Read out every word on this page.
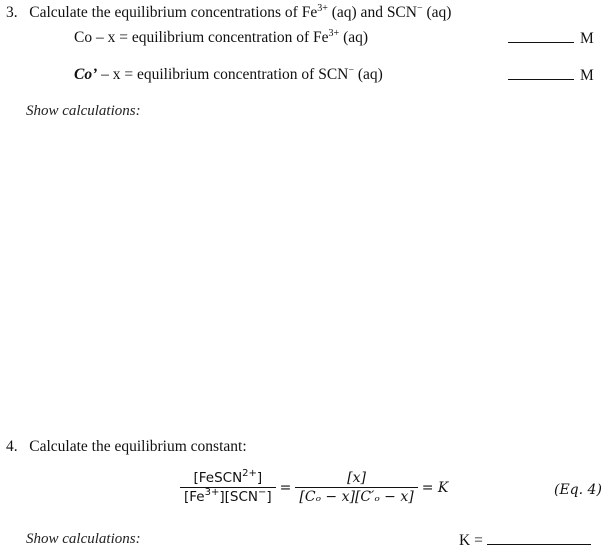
3. Calculate the equilibrium concentrations of $Fe^{3+}$ (aq) and SCN− (aq)
Co – x = equilibrium concentration of $Fe^{3+}$ (aq)	M
Co’ – x = equilibrium concentration of SCN− (aq)	M
Show calculations:
4. Calculate the equilibrium constant:
$\frac{[FeSCN^{2+}]}{[Fe^{3+}][SCN^-]} = \frac{[x]}{\text{[Cₒ − x][C′ₒ − x]}} = K$	(Eq. 4)
Show calculations:	K =
